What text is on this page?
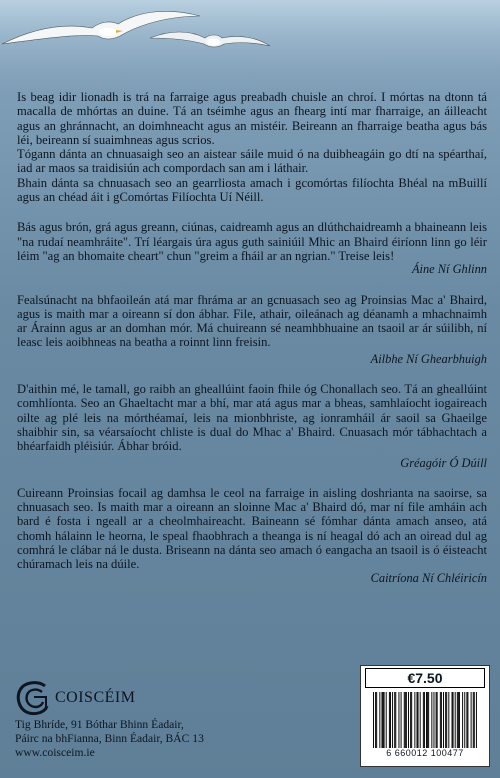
Is beag idir lionadh is trá na farraige agus preabadh chuisle an chroí. I mórtas na dtonn tá macalla de mhórtas an duine. Tá an tséimhe agus an fhearg intí mar fharraige, an áilleacht agus an ghránnacht, an doimhneacht agus an mistéir. Beireann an fharraige beatha agus bás léi, beireann sí suaimhneas agus scrios.

Tógann dánta an chnuasaigh seo an aistear sáile muid ó na duibheagáin go dtí na spéarthaí, iad ar maos sa traidisiún ach compordach san am i láthair.

Bhain dánta sa chnuasach seo an gearrliosta amach i gcomórtas filíochta Bhéal na mBuillí agus an chéad áit i gComórtas Filíochta Uí Néill.

Bás agus brón, grá agus greann, ciúnas, caidreamh agus an dlúthchaidreamh a bhaineann leis "na rudaí neamhráite". Trí léargais úra agus guth sainiúil Mhic an Bhaird éiríonn linn go léir léim "ag an bhomaite cheart" chun "greim a fháil ar an ngrian." Treise leis!

Áine Ní Ghlinn

Fealsúnacht na bhfaoileán atá mar fhráma ar an gcnuasach seo ag Proinsias Mac a' Bhaird, agus is maith mar a oireann sí don ábhar. File, athair, oileánach ag déanamh a mhachnaimh ar Árainn agus ar an domhan mór. Má chuireann sé neamhbhuaine an tsaoil ar ár súilibh, ní leasc leis aoibhneas na beatha a roinnt linn freisin.

Ailbhe Ní Ghearbhuigh

D'aithin mé, le tamall, go raibh an gheallúint faoin fhile óg Chonallach seo. Tá an gheallúint comhlíonta. Seo an Ghaeltacht mar a bhí, mar atá agus mar a bheas, samhlaíocht iogaireach oilte ag plé leis na mórthéamaí, leis na mionbhriste, ag ionramháil ár saoil sa Ghaeilge shaibhir sin, sa véarsaíocht chliste is dual do Mhac a' Bhaird. Cnuasach mór tábhachtach a bhéarfaidh pléisiúr. Ábhar bróid.

Gréagóir Ó Dúill

Cuireann Proinsias focail ag damhsa le ceol na farraige in aisling doshrianta na saoirse, sa chnuasach seo. Is maith mar a oireann an sloinne Mac a' Bhaird dó, mar ní file amháin ach bard é fosta i ngeall ar a cheolmhaireacht. Baineann sé fómhar dánta amach anseo, atá chomh hálainn le heorna, le speal fhaobhrach a theanga is ní heagal dó ach an oiread dul ag comhrá le clábar ná le dusta. Briseann na dánta seo amach ó eangacha an tsaoil is ó éisteacht chúramach leis na dúile.

Caitríona Ní Chléiricín
COISCÉIM
Tig Bhríde, 91 Bóthar Bhinn Éadair,
Páirc na bhFianna, Binn Éadair, BÁC 13
www.coisceim.ie
€7.50
6 660012 100477
